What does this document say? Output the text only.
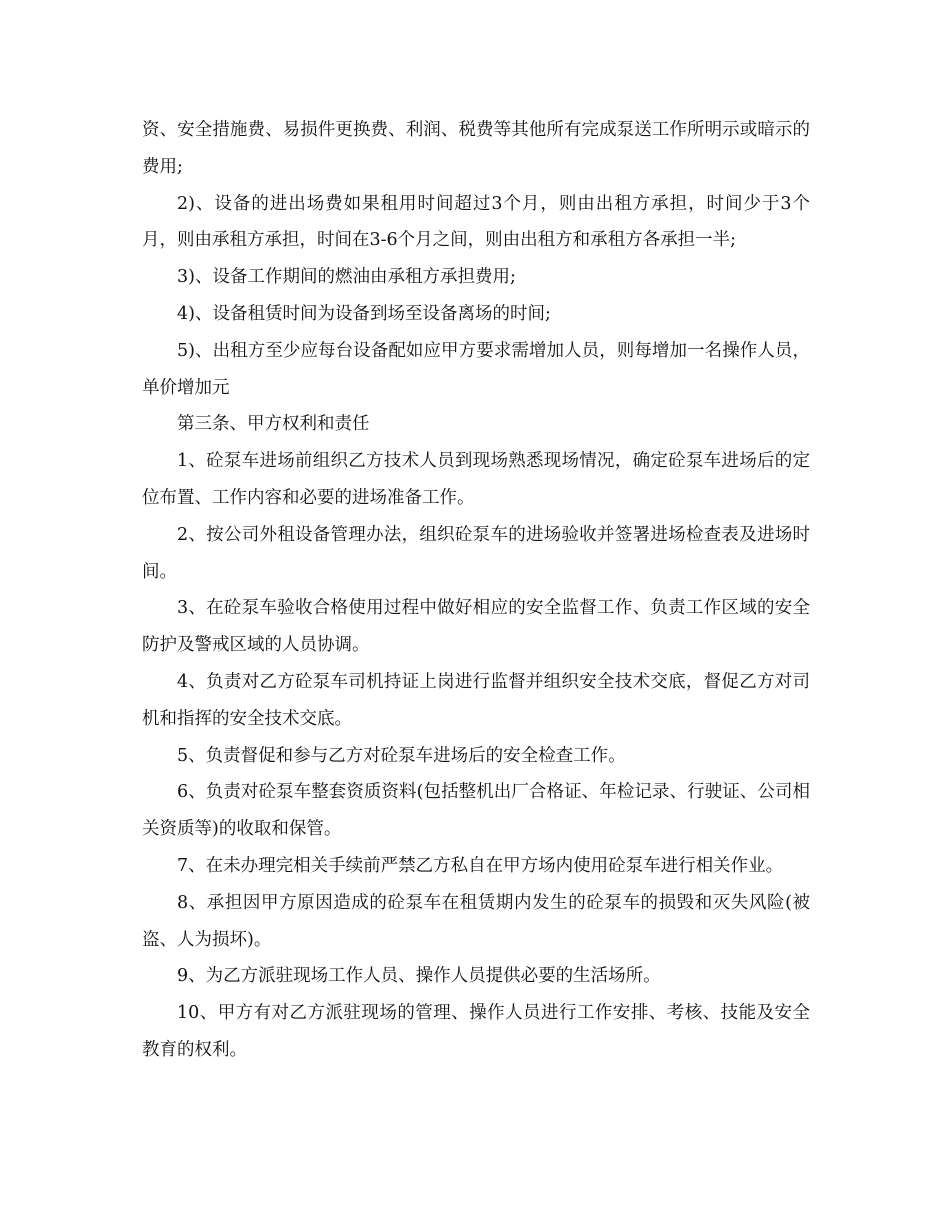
资、安全措施费、易损件更换费、利润、税费等其他所有完成泵送工作所明示或暗示的费用;

2)、设备的进出场费如果租用时间超过3个月，则由出租方承担，时间少于3个月，则由承租方承担，时间在3-6个月之间，则由出租方和承租方各承担一半;

3)、设备工作期间的燃油由承租方承担费用;

4)、设备租赁时间为设备到场至设备离场的时间;

5)、出租方至少应每台设备配如应甲方要求需增加人员，则每增加一名操作人员，单价增加元

第三条、甲方权利和责任

1、砼泵车进场前组织乙方技术人员到现场熟悉现场情况，确定砼泵车进场后的定位布置、工作内容和必要的进场准备工作。

2、按公司外租设备管理办法，组织砼泵车的进场验收并签署进场检查表及进场时间。

3、在砼泵车验收合格使用过程中做好相应的安全监督工作、负责工作区域的安全防护及警戒区域的人员协调。

4、负责对乙方砼泵车司机持证上岗进行监督并组织安全技术交底，督促乙方对司机和指挥的安全技术交底。

5、负责督促和参与乙方对砼泵车进场后的安全检查工作。

6、负责对砼泵车整套资质资料(包括整机出厂合格证、年检记录、行驶证、公司相关资质等)的收取和保管。

7、在未办理完相关手续前严禁乙方私自在甲方场内使用砼泵车进行相关作业。

8、承担因甲方原因造成的砼泵车在租赁期内发生的砼泵车的损毁和灭失风险(被盗、人为损坏)。

9、为乙方派驻现场工作人员、操作人员提供必要的生活场所。

10、甲方有对乙方派驻现场的管理、操作人员进行工作安排、考核、技能及安全教育的权利。
